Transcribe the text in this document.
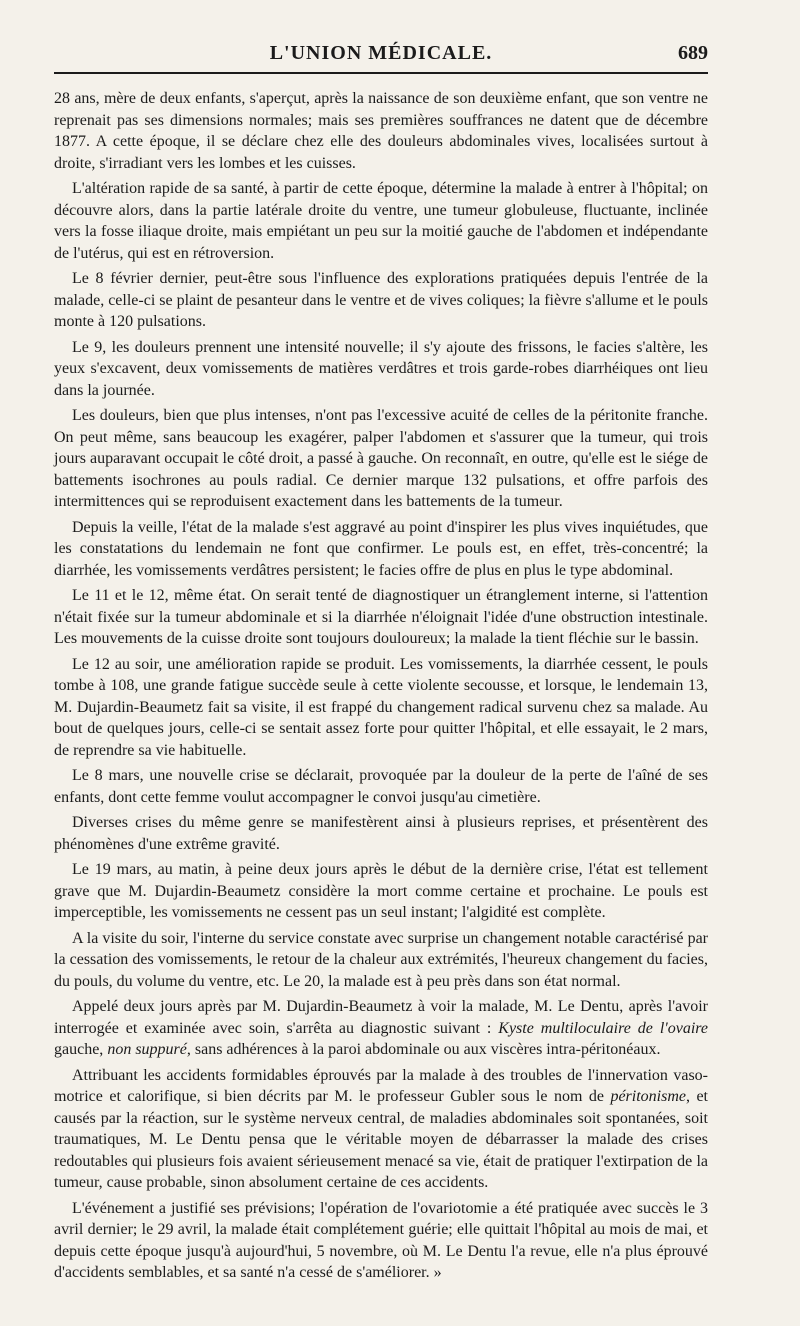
L'UNION MÉDICALE.	689

28 ans, mère de deux enfants, s'aperçut, après la naissance de son deuxième enfant, que son ventre ne reprenait pas ses dimensions normales; mais ses premières souffrances ne datent que de décembre 1877. A cette époque, il se déclare chez elle des douleurs abdominales vives, localisées surtout à droite, s'irradiant vers les lombes et les cuisses.

L'altération rapide de sa santé, à partir de cette époque, détermine la malade à entrer à l'hôpital; on découvre alors, dans la partie latérale droite du ventre, une tumeur globuleuse, fluctuante, inclinée vers la fosse iliaque droite, mais empiétant un peu sur la moitié gauche de l'abdomen et indépendante de l'utérus, qui est en rétroversion.

Le 8 février dernier, peut-être sous l'influence des explorations pratiquées depuis l'entrée de la malade, celle-ci se plaint de pesanteur dans le ventre et de vives coliques; la fièvre s'allume et le pouls monte à 120 pulsations.

Le 9, les douleurs prennent une intensité nouvelle; il s'y ajoute des frissons, le facies s'altère, les yeux s'excavent, deux vomissements de matières verdâtres et trois garde-robes diarrhéiques ont lieu dans la journée.

Les douleurs, bien que plus intenses, n'ont pas l'excessive acuité de celles de la péritonite franche. On peut même, sans beaucoup les exagérer, palper l'abdomen et s'assurer que la tumeur, qui trois jours auparavant occupait le côté droit, a passé à gauche. On reconnaît, en outre, qu'elle est le siége de battements isochrones au pouls radial. Ce dernier marque 132 pulsations, et offre parfois des intermittences qui se reproduisent exactement dans les battements de la tumeur.

Depuis la veille, l'état de la malade s'est aggravé au point d'inspirer les plus vives inquiétudes, que les constatations du lendemain ne font que confirmer. Le pouls est, en effet, très-concentré; la diarrhée, les vomissements verdâtres persistent; le facies offre de plus en plus le type abdominal.

Le 11 et le 12, même état. On serait tenté de diagnostiquer un étranglement interne, si l'attention n'était fixée sur la tumeur abdominale et si la diarrhée n'éloignait l'idée d'une obstruction intestinale. Les mouvements de la cuisse droite sont toujours douloureux; la malade la tient fléchie sur le bassin.

Le 12 au soir, une amélioration rapide se produit. Les vomissements, la diarrhée cessent, le pouls tombe à 108, une grande fatigue succède seule à cette violente secousse, et lorsque, le lendemain 13, M. Dujardin-Beaumetz fait sa visite, il est frappé du changement radical survenu chez sa malade. Au bout de quelques jours, celle-ci se sentait assez forte pour quitter l'hôpital, et elle essayait, le 2 mars, de reprendre sa vie habituelle.

Le 8 mars, une nouvelle crise se déclarait, provoquée par la douleur de la perte de l'aîné de ses enfants, dont cette femme voulut accompagner le convoi jusqu'au cimetière.

Diverses crises du même genre se manifestèrent ainsi à plusieurs reprises, et présentèrent des phénomènes d'une extrême gravité.

Le 19 mars, au matin, à peine deux jours après le début de la dernière crise, l'état est tellement grave que M. Dujardin-Beaumetz considère la mort comme certaine et prochaine. Le pouls est imperceptible, les vomissements ne cessent pas un seul instant; l'algidité est complète.

A la visite du soir, l'interne du service constate avec surprise un changement notable caractérisé par la cessation des vomissements, le retour de la chaleur aux extrémités, l'heureux changement du facies, du pouls, du volume du ventre, etc. Le 20, la malade est à peu près dans son état normal.

Appelé deux jours après par M. Dujardin-Beaumetz à voir la malade, M. Le Dentu, après l'avoir interrogée et examinée avec soin, s'arrêta au diagnostic suivant : Kyste multiloculaire de l'ovaire gauche, non suppuré, sans adhérences à la paroi abdominale ou aux viscères intra-péritonéaux.

Attribuant les accidents formidables éprouvés par la malade à des troubles de l'innervation vaso-motrice et calorifique, si bien décrits par M. le professeur Gubler sous le nom de péritonisme, et causés par la réaction, sur le système nerveux central, de maladies abdominales soit spontanées, soit traumatiques, M. Le Dentu pensa que le véritable moyen de débarrasser la malade des crises redoutables qui plusieurs fois avaient sérieusement menacé sa vie, était de pratiquer l'extirpation de la tumeur, cause probable, sinon absolument certaine de ces accidents.

L'événement a justifié ses prévisions; l'opération de l'ovariotomie a été pratiquée avec succès le 3 avril dernier; le 29 avril, la malade était complétement guérie; elle quittait l'hôpital au mois de mai, et depuis cette époque jusqu'à aujourd'hui, 5 novembre, où M. Le Dentu l'a revue, elle n'a plus éprouvé d'accidents semblables, et sa santé n'a cessé de s'améliorer. »
